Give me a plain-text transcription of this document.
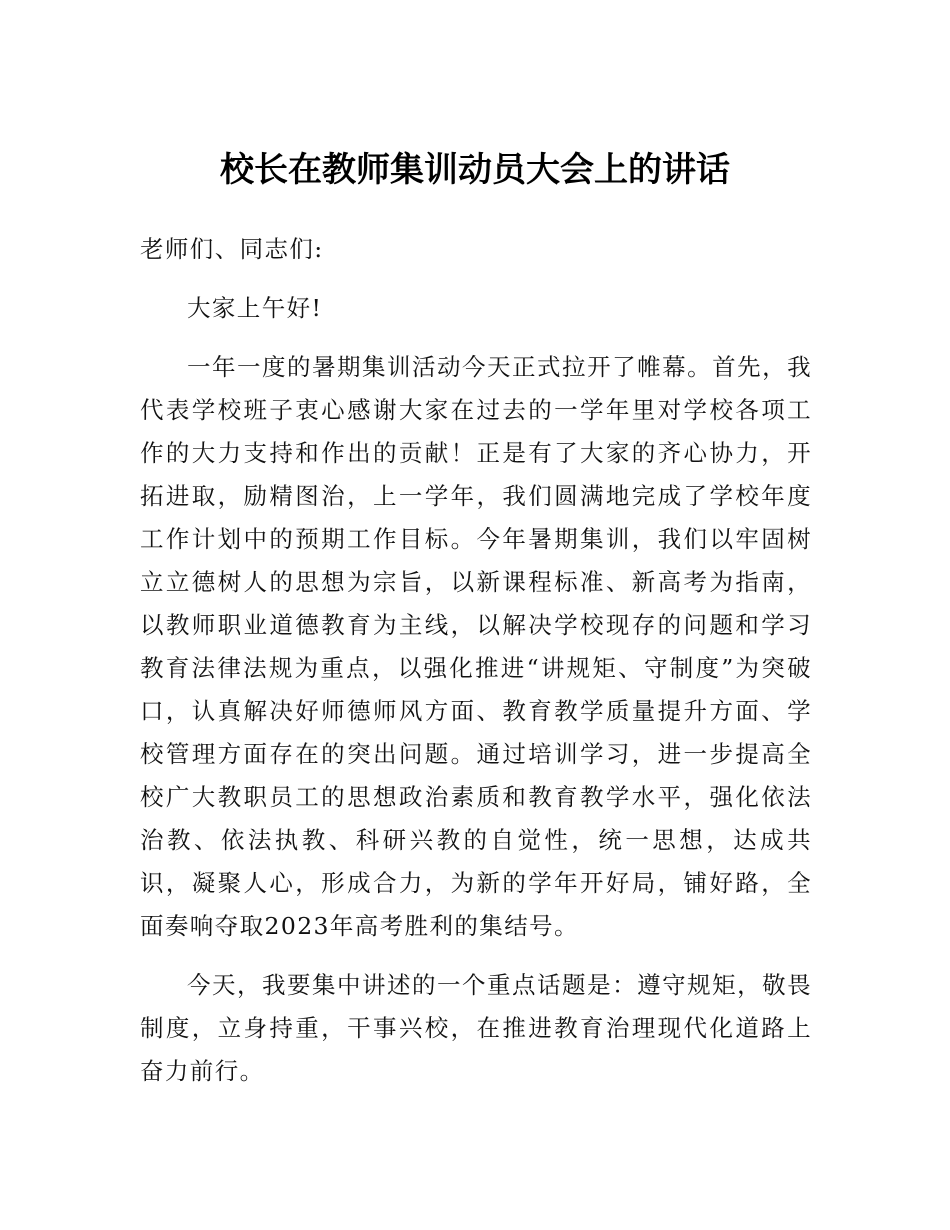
校长在教师集训动员大会上的讲话

老师们、同志们:

大家上午好!

一年一度的暑期集训活动今天正式拉开了帷幕。首先，我代表学校班子衷心感谢大家在过去的一学年里对学校各项工作的大力支持和作出的贡献！正是有了大家的齐心协力，开拓进取，励精图治，上一学年，我们圆满地完成了学校年度工作计划中的预期工作目标。今年暑期集训，我们以牢固树立立德树人的思想为宗旨，以新课程标准、新高考为指南，以教师职业道德教育为主线，以解决学校现存的问题和学习教育法律法规为重点，以强化推进“讲规矩、守制度”为突破口，认真解决好师德师风方面、教育教学质量提升方面、学校管理方面存在的突出问题。通过培训学习，进一步提高全校广大教职员工的思想政治素质和教育教学水平，强化依法治教、依法执教、科研兴教的自觉性，统一思想，达成共识，凝聚人心，形成合力，为新的学年开好局，铺好路，全面奏响夺取2023年高考胜利的集结号。

今天，我要集中讲述的一个重点话题是：遵守规矩，敬畏制度，立身持重，干事兴校，在推进教育治理现代化道路上奋力前行。
